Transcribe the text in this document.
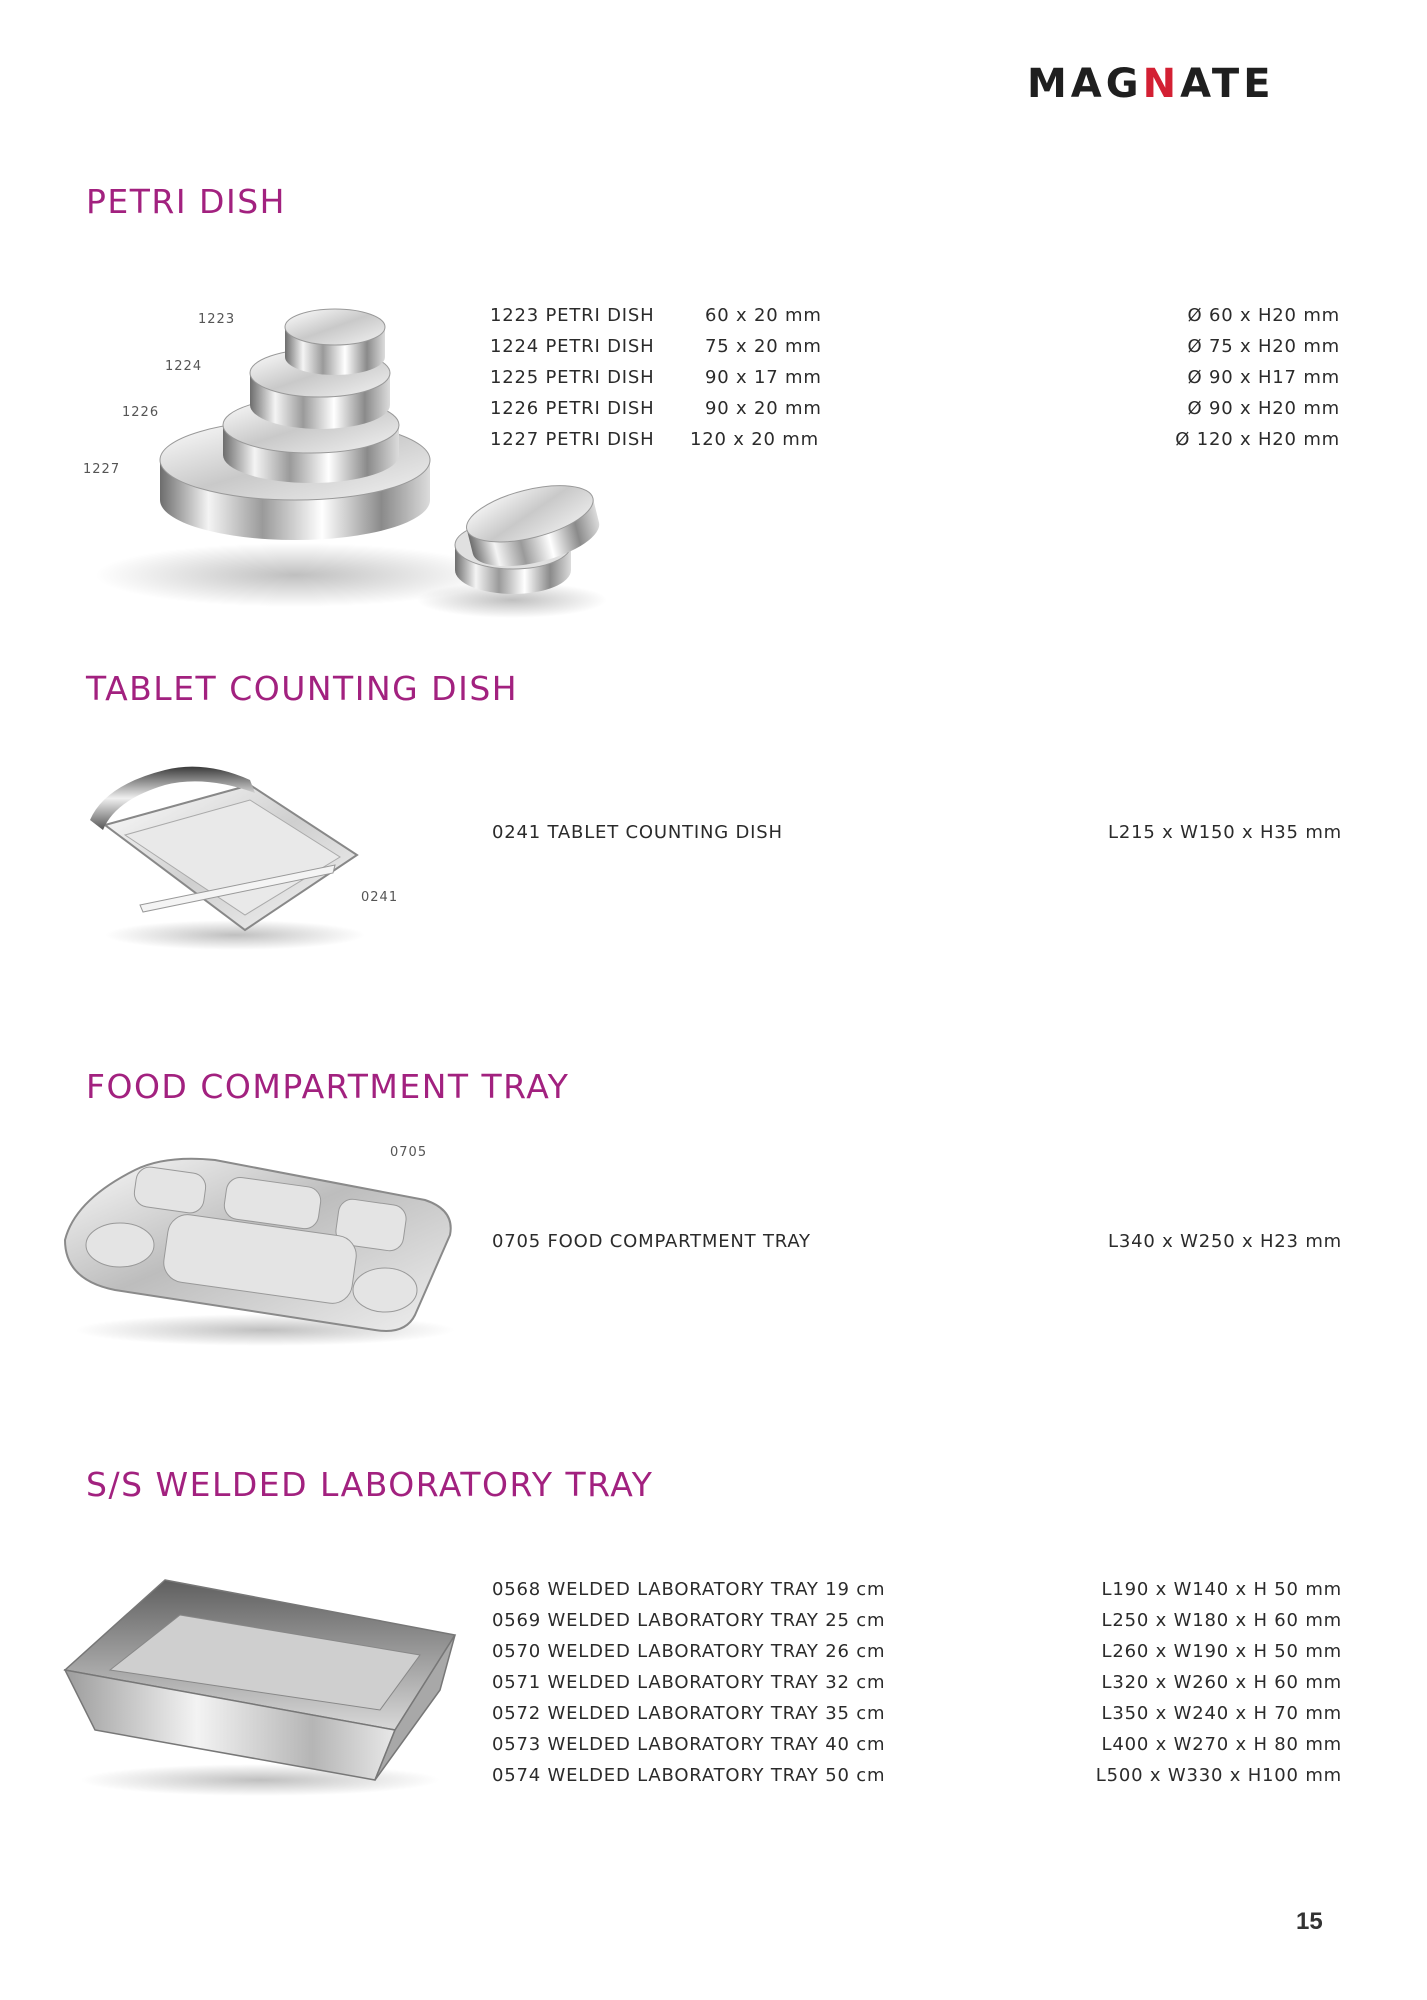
MAGNATE
PETRI DISH
1223
1224
1226
1227
1223 PETRI DISH	60 x 20 mm	Ø 60 x H20 mm
1224 PETRI DISH	75 x 20 mm	Ø 75 x H20 mm
1225 PETRI DISH	90 x 17 mm	Ø 90 x H17 mm
1226 PETRI DISH	90 x 20 mm	Ø 90 x H20 mm
1227 PETRI DISH 120 x 20 mm	Ø 120 x H20 mm
TABLET COUNTING DISH
0241
0241 TABLET COUNTING DISH	L215 x W150 x H35 mm
FOOD COMPARTMENT TRAY
0705
0705 FOOD COMPARTMENT TRAY	L340 x W250 x H23 mm
S/S WELDED LABORATORY TRAY
0568 WELDED LABORATORY TRAY 19 cm	L190 x W140 x H 50 mm
0569 WELDED LABORATORY TRAY 25 cm	L250 x W180 x H 60 mm
0570 WELDED LABORATORY TRAY 26 cm	L260 x W190 x H 50 mm
0571 WELDED LABORATORY TRAY 32 cm	L320 x W260 x H 60 mm
0572 WELDED LABORATORY TRAY 35 cm	L350 x W240 x H 70 mm
0573 WELDED LABORATORY TRAY 40 cm	L400 x W270 x H 80 mm
0574 WELDED LABORATORY TRAY 50 cm	L500 x W330 x H100 mm
15
